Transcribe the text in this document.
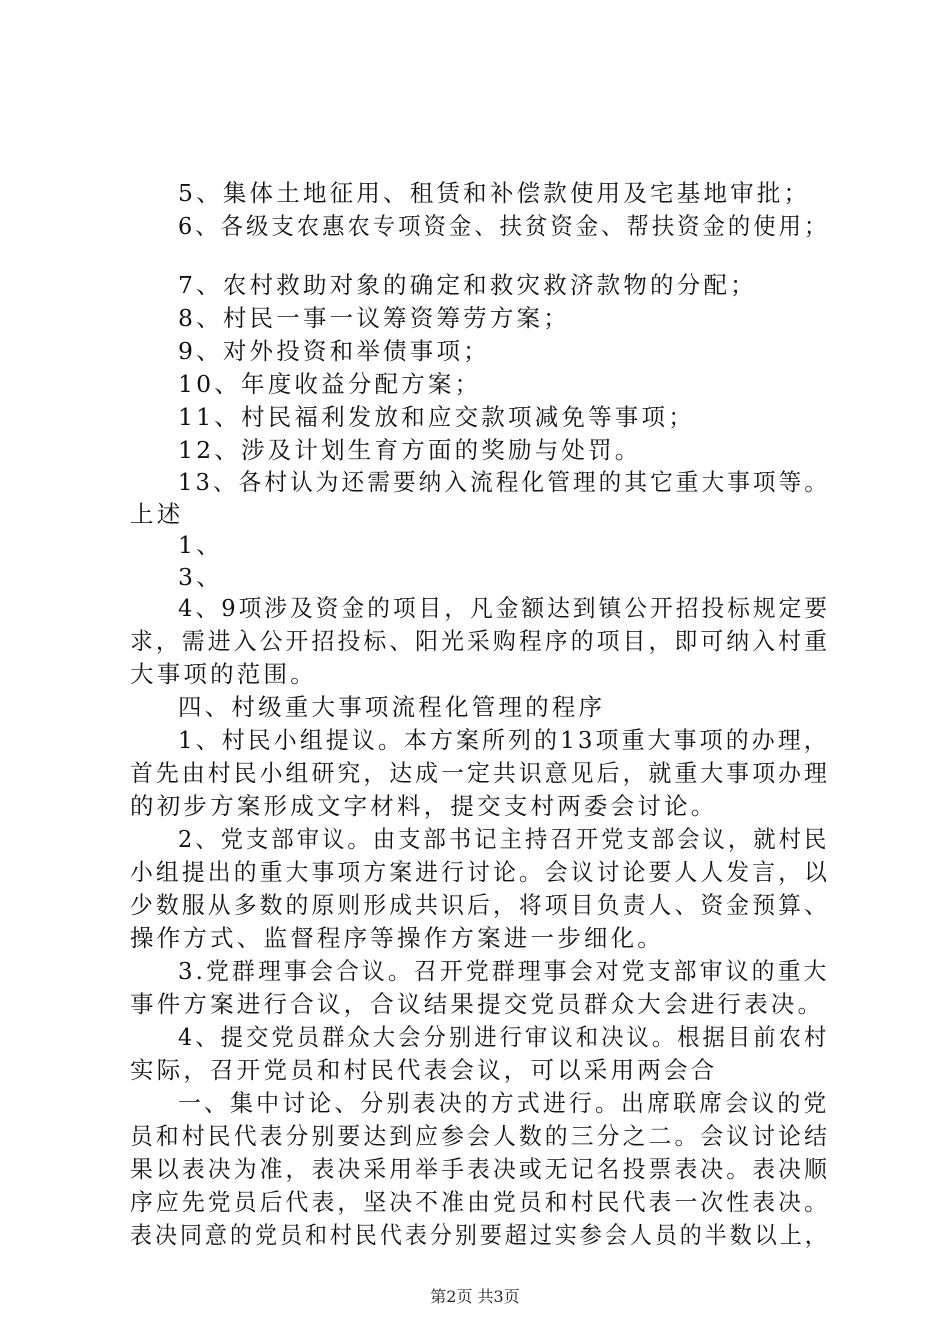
5、集体土地征用、租赁和补偿款使用及宅基地审批；
6、各级支农惠农专项资金、扶贫资金、帮扶资金的使用；
7、农村救助对象的确定和救灾救济款物的分配；
8、村民一事一议筹资筹劳方案；
9、对外投资和举债事项；
10、年度收益分配方案；
11、村民福利发放和应交款项减免等事项；
12、涉及计划生育方面的奖励与处罚。
13、各村认为还需要纳入流程化管理的其它重大事项等。
上述
1、
3、
4、9项涉及资金的项目，凡金额达到镇公开招投标规定要
求，需进入公开招投标、阳光采购程序的项目，即可纳入村重
大事项的范围。
四、村级重大事项流程化管理的程序
1、村民小组提议。本方案所列的13项重大事项的办理，
首先由村民小组研究，达成一定共识意见后，就重大事项办理
的初步方案形成文字材料，提交支村两委会讨论。
2、党支部审议。由支部书记主持召开党支部会议，就村民
小组提出的重大事项方案进行讨论。会议讨论要人人发言，以
少数服从多数的原则形成共识后，将项目负责人、资金预算、
操作方式、监督程序等操作方案进一步细化。
3.党群理事会合议。召开党群理事会对党支部审议的重大
事件方案进行合议，合议结果提交党员群众大会进行表决。
4、提交党员群众大会分别进行审议和决议。根据目前农村
实际，召开党员和村民代表会议，可以采用两会合
一、集中讨论、分别表决的方式进行。出席联席会议的党
员和村民代表分别要达到应参会人数的三分之二。会议讨论结
果以表决为准，表决采用举手表决或无记名投票表决。表决顺
序应先党员后代表，坚决不准由党员和村民代表一次性表决。
表决同意的党员和村民代表分别要超过实参会人员的半数以上，
第2页 共3页
